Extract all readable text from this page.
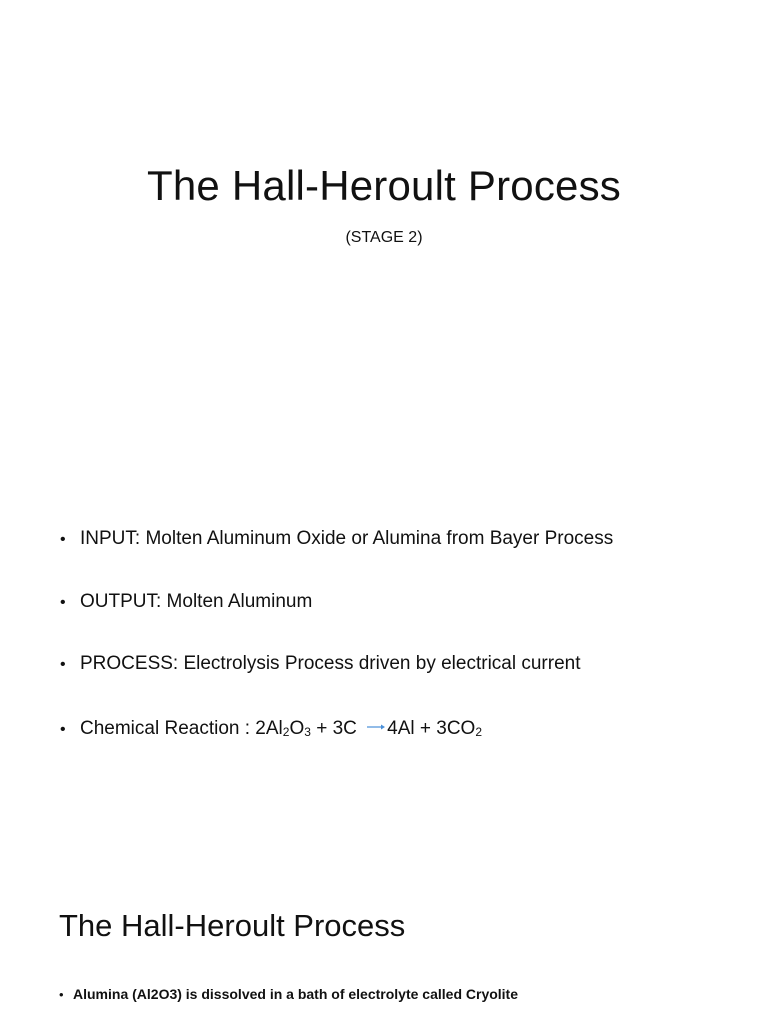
The Hall-Heroult Process

(STAGE 2)

• INPUT: Molten Aluminum Oxide or Alumina from Bayer Process
• OUTPUT: Molten Aluminum
• PROCESS: Electrolysis Process driven by electrical current
• Chemical Reaction : $2Al_2O_3 + 3C \to 4Al + 3CO_2$
The Hall-Heroult Process
• Alumina (Al2O3) is dissolved in a bath of electrolyte called Cryolite
